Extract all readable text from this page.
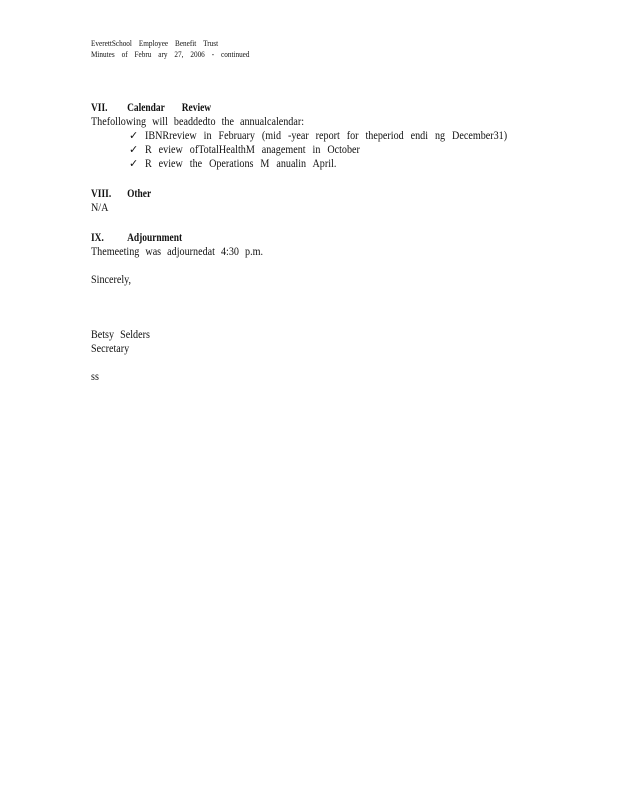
EverettSchool Employee Benefit Trust
Minutes of Febru ary 27, 2006 - continued
VII.	Calendar Review
Thefollowing will beaddedto the annualcalendar:
✓ IBNRreview in February (mid -year report for theperiod endi ng December31)
✓ R eview ofTotalHealthM anagement in October
✓ R eview the Operations M anualin April.
VIII.	Other
N/A
IX.	Adjournment
Themeeting was adjournedat 4:30 p.m.
Sincerely,
Betsy Selders
Secretary
ss
